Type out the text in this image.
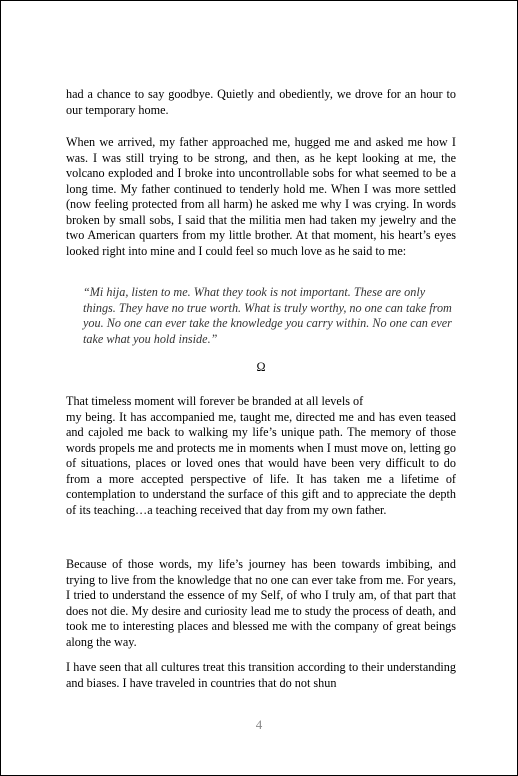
had a chance to say goodbye. Quietly and obediently, we drove for an hour to our temporary home.

When we arrived, my father approached me, hugged me and asked me how I was. I was still trying to be strong, and then, as he kept looking at me, the volcano exploded and I broke into uncontrollable sobs for what seemed to be a long time. My father continued to tenderly hold me. When I was more settled (now feeling protected from all harm) he asked me why I was crying. In words broken by small sobs, I said that the militia men had taken my jewelry and the two American quarters from my little brother. At that moment, his heart’s eyes looked right into mine and I could feel so much love as he said to me:

“Mi hija, listen to me. What they took is not important. These are only things. They have no true worth. What is truly worthy, no one can take from you. No one can ever take the knowledge you carry within. No one can ever take what you hold inside.”

Ω
That timeless moment will forever be branded at all levels of

my being. It has accompanied me, taught me, directed me and has even teased and cajoled me back to walking my life’s unique path. The memory of those words propels me and protects me in moments when I must move on, letting go of situations, places or loved ones that would have been very difficult to do from a more accepted perspective of life. It has taken me a lifetime of contemplation to understand the surface of this gift and to appreciate the depth of its teaching…a teaching received that day from my own father.

Because of those words, my life’s journey has been towards imbibing, and trying to live from the knowledge that no one can ever take from me. For years, I tried to understand the essence of my Self, of who I truly am, of that part that does not die. My desire and curiosity lead me to study the process of death, and took me to interesting places and blessed me with the company of great beings along the way.

I have seen that all cultures treat this transition according to their understanding and biases. I have traveled in countries that do not shun

4
